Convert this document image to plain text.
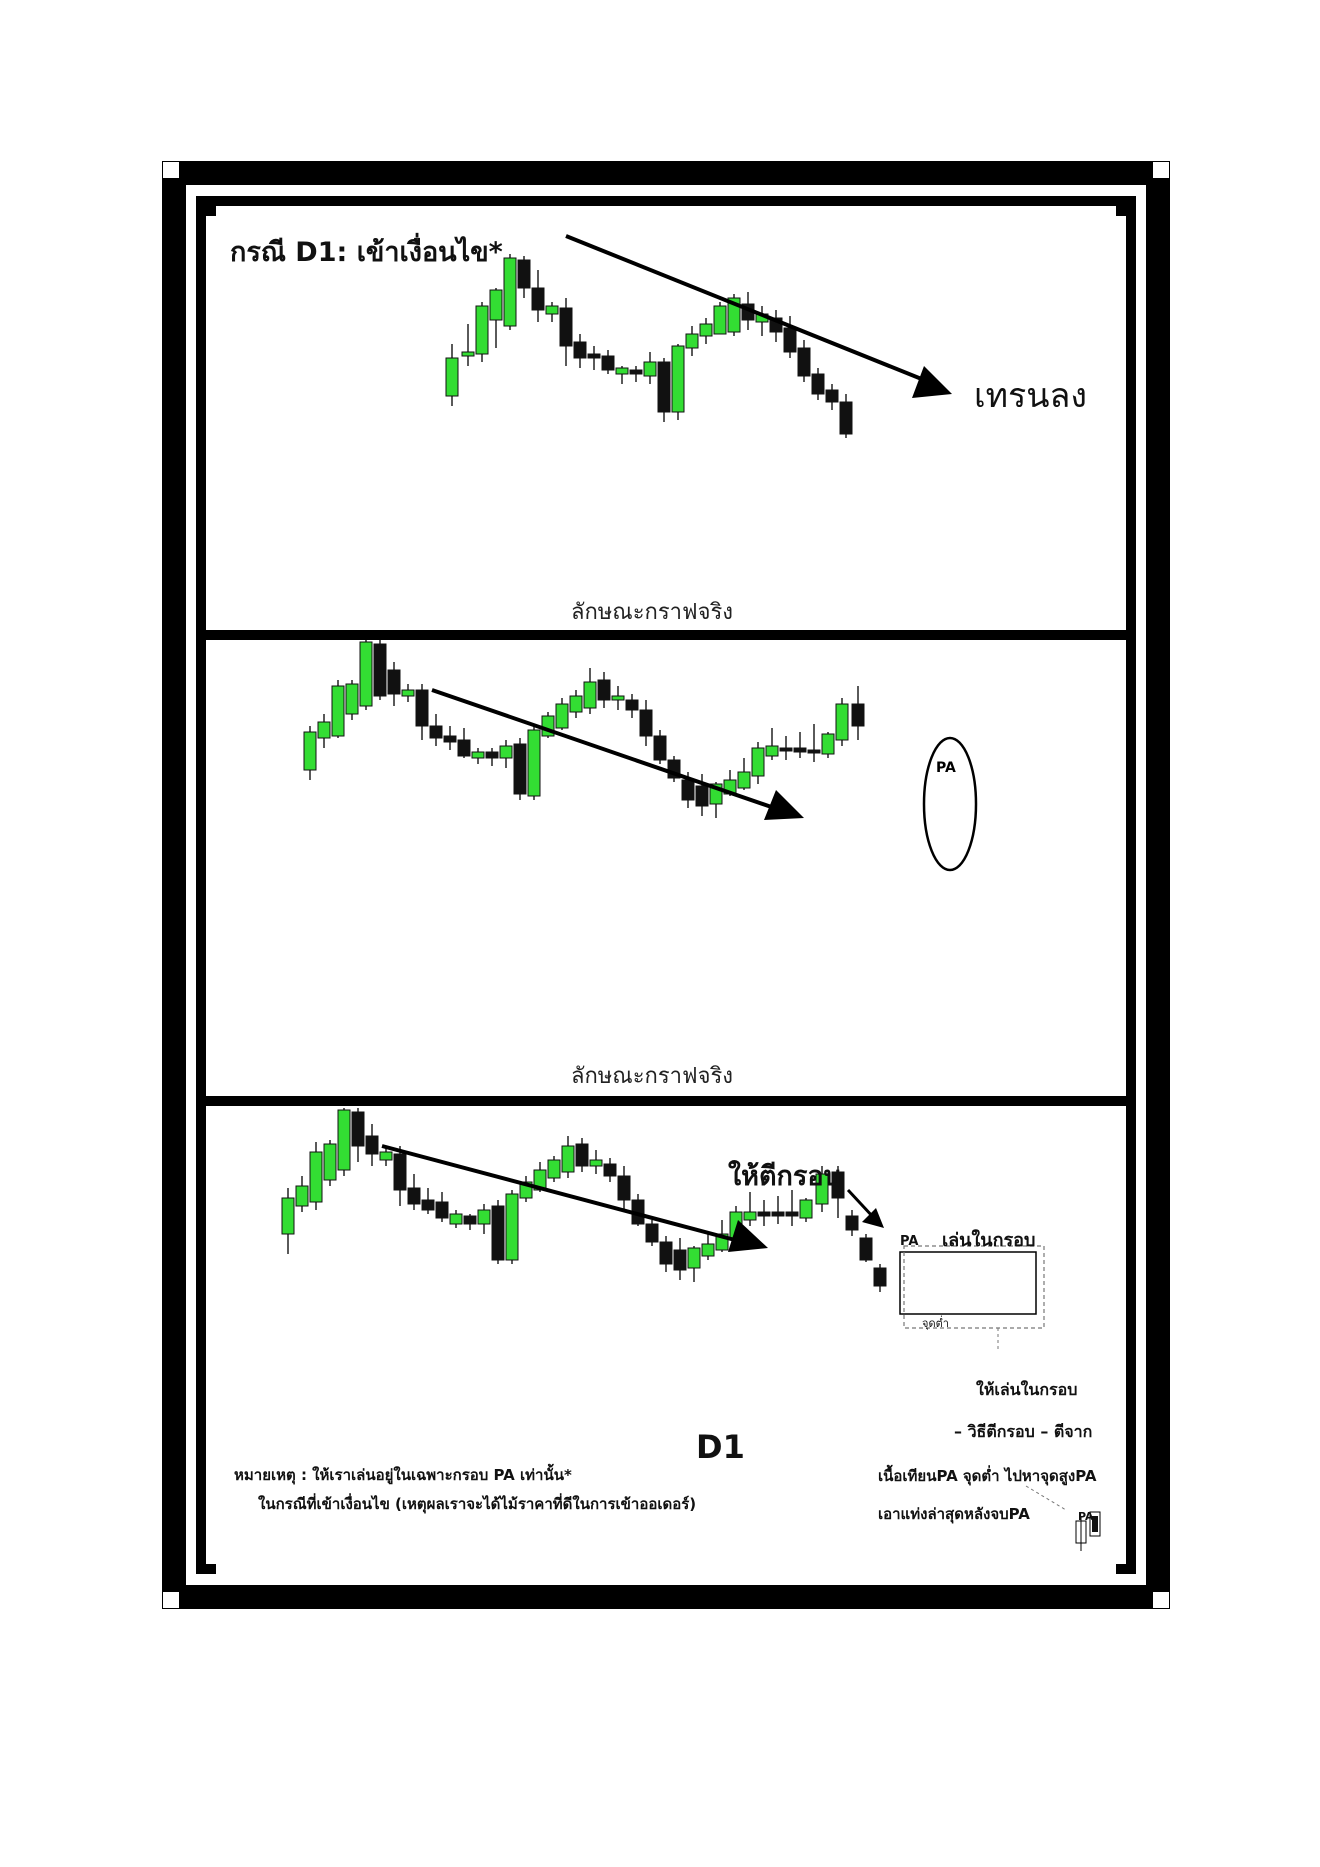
กรณี D1: เข้าเงื่อนไข*

เทรนลง

ลักษณะกราฟจริง

PA

ลักษณะกราฟจริง

ให้ตีกรอบ

PA เล่นในกรอบ

จุดต่ำ

ให้เล่นในกรอบ

– วิธีตีกรอบ – ตีจาก

D1

หมายเหตุ : ให้เราเล่นอยู่ในเฉพาะกรอบ PA เท่านั้น*

ในกรณีที่เข้าเงื่อนไข (เหตุผลเราจะได้ไม้ราคาที่ดีในการเข้าออเดอร์)

เนื้อเทียนPA จุดต่ำ ไปหาจุดสูงPA

เอาแท่งล่าสุดหลังจบPA	PA
